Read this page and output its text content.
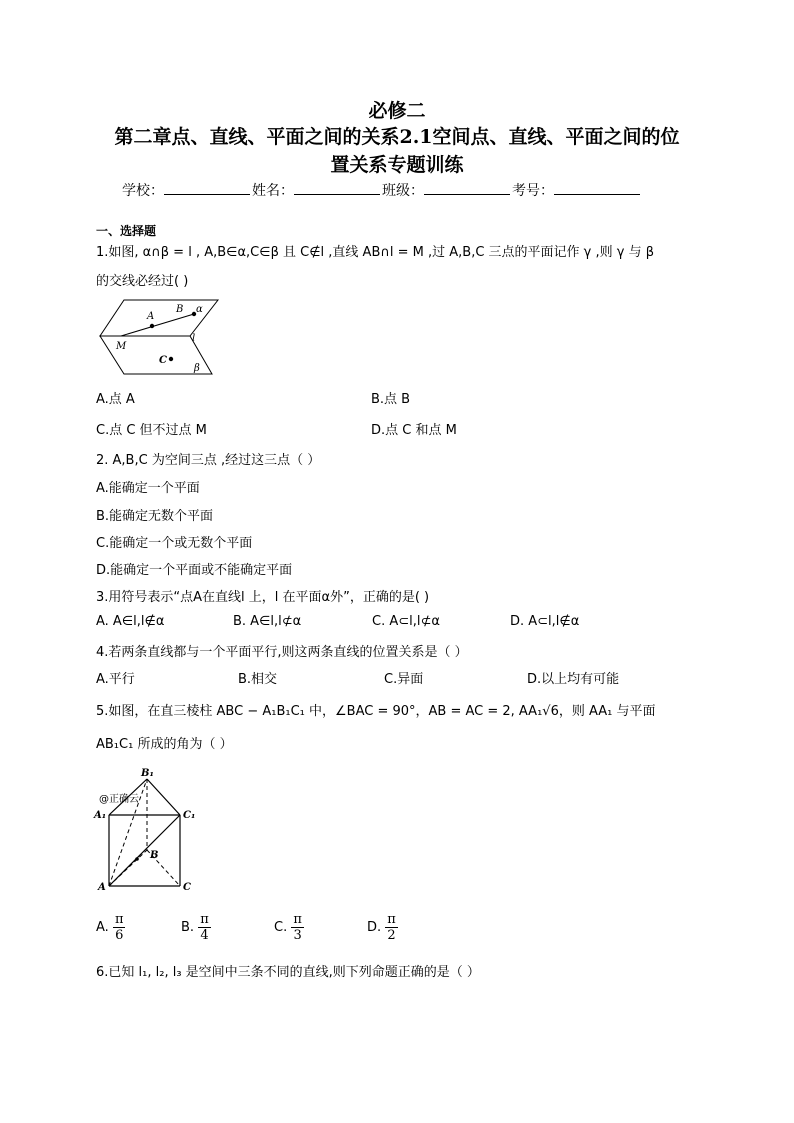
必修二
第二章点、直线、平面之间的关系2.1空间点、直线、平面之间的位
置关系专题训练
学校：	姓名：	班级：	考号：
一、选择题
1.如图, α∩β = l , A,B∈α,C∈β 且 C∉l ,直线 AB∩l = M ,过 A,B,C 三点的平面记作 γ ,则 γ 与 β
的交线必经过( )
A
B α
M
l
C
β
A.点 A	B.点 B
C.点 C 但不过点 M	D.点 C 和点 M
2. A,B,C 为空间三点 ,经过这三点（ ）
A.能确定一个平面
B.能确定无数个平面
C.能确定一个或无数个平面
D.能确定一个平面或不能确定平面
3.用符号表示“点A在直线l 上，l 在平面α外”，正确的是( )
A. A∈l,l∉α	B. A∈l,l⊄α	C. A⊂l,l⊄α	D. A⊂l,l∉α
4.若两条直线都与一个平面平行,则这两条直线的位置关系是（ ）
A.平行	B.相交	C.异面	D.以上均有可能
5.如图，在直三棱柱 ABC − A₁B₁C₁ 中，∠BAC = 90°，AB = AC = 2, AA₁√6，则 AA₁ 与平面
AB₁C₁ 所成的角为（ ）
B₁
@正确云
A₁	C₁
B
A	C
A. $\frac{\pi}{6}$	B. $\frac{\pi}{4}$	C. $\frac{\pi}{3}$	D. $\frac{\pi}{2}$
6.已知 l₁, l₂, l₃ 是空间中三条不同的直线,则下列命题正确的是（ ）
